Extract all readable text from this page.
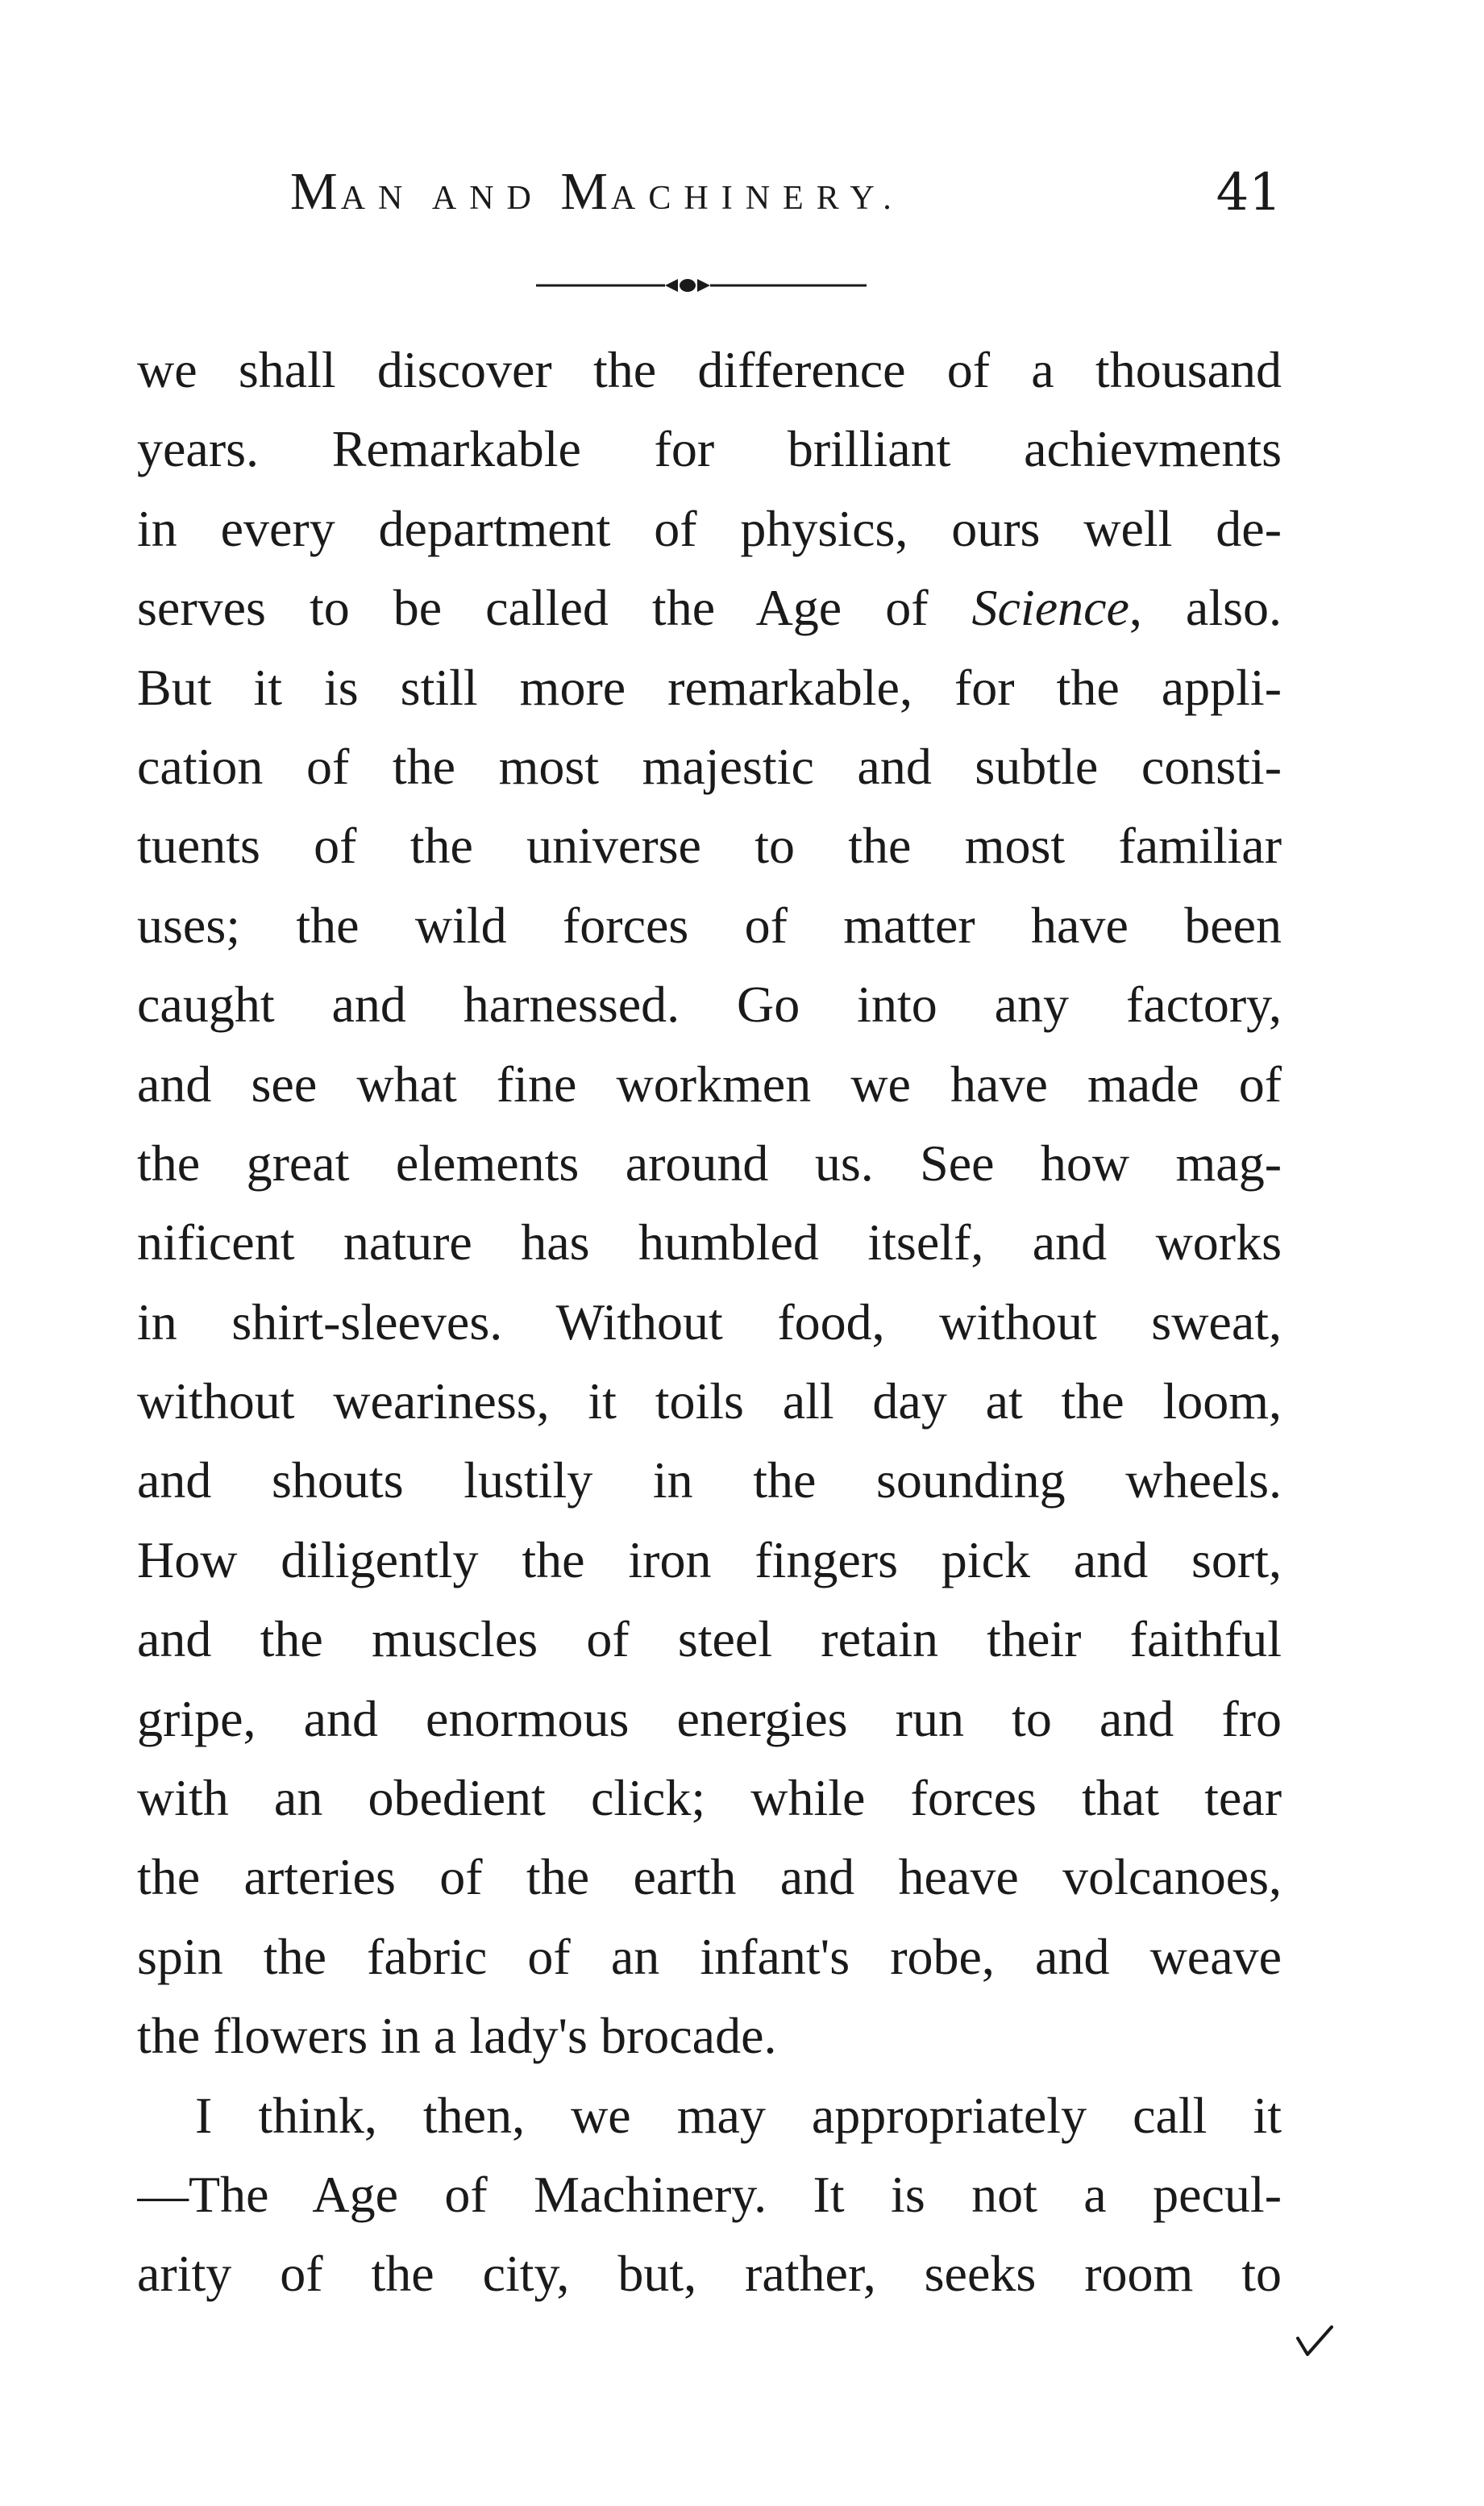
MAN AND MACHINERY.	41
we shall discover the difference of a thousand
years. Remarkable for brilliant achievments
in every department of physics, ours well de-
serves to be called the Age of Science, also.
But it is still more remarkable, for the appli-
cation of the most majestic and subtle consti-
tuents of the universe to the most familiar
uses; the wild forces of matter have been
caught and harnessed. Go into any factory,
and see what fine workmen we have made of
the great elements around us. See how mag-
nificent nature has humbled itself, and works
in shirt-sleeves. Without food, without sweat,
without weariness, it toils all day at the loom,
and shouts lustily in the sounding wheels.
How diligently the iron fingers pick and sort,
and the muscles of steel retain their faithful
gripe, and enormous energies run to and fro
with an obedient click; while forces that tear
the arteries of the earth and heave volcanoes,
spin the fabric of an infant's robe, and weave
the flowers in a lady's brocade.
I think, then, we may appropriately call it
—The Age of Machinery. It is not a pecul-
arity of the city, but, rather, seeks room to
